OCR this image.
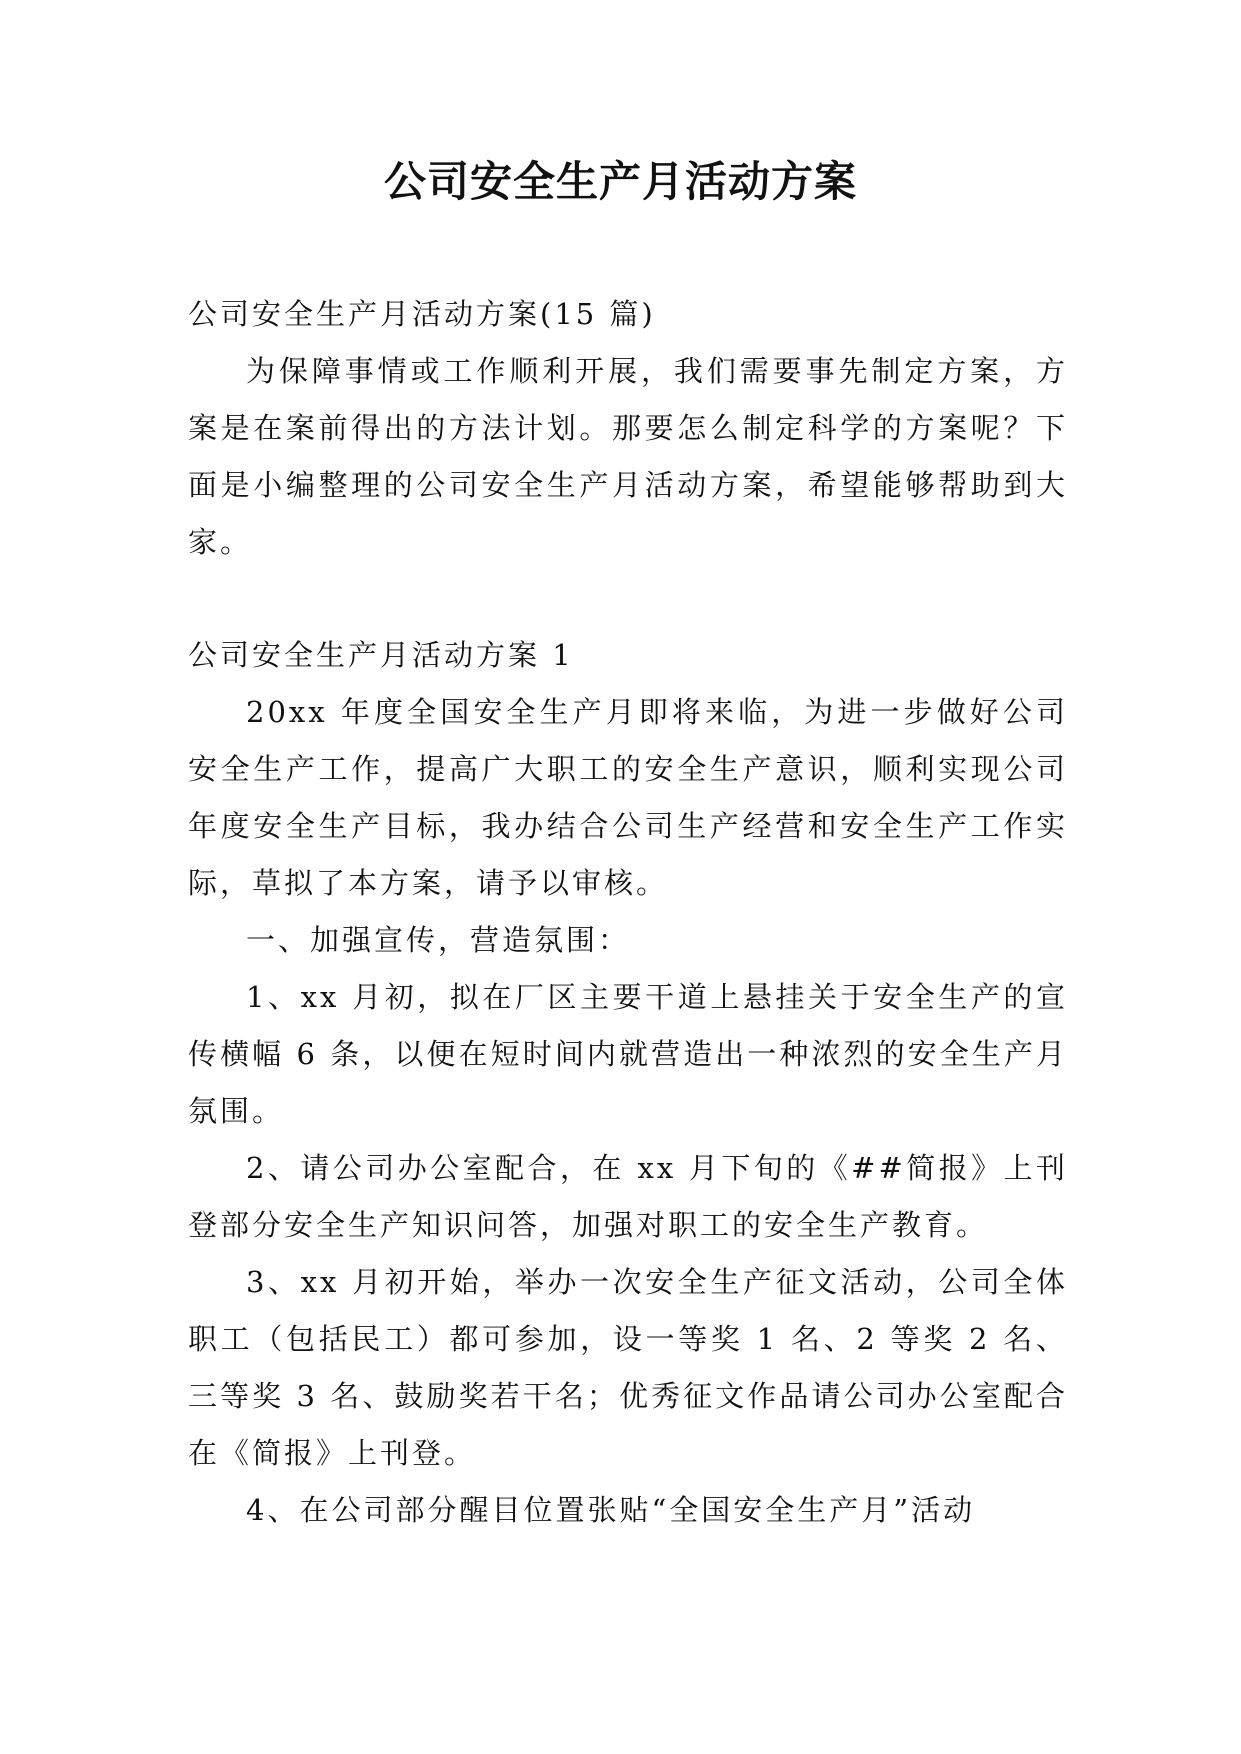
公司安全生产月活动方案

公司安全生产月活动方案(15 篇)

为保障事情或工作顺利开展，我们需要事先制定方案，方案是在案前得出的方法计划。那要怎么制定科学的方案呢？下面是小编整理的公司安全生产月活动方案，希望能够帮助到大家。

公司安全生产月活动方案 1

20xx 年度全国安全生产月即将来临，为进一步做好公司安全生产工作，提高广大职工的安全生产意识，顺利实现公司年度安全生产目标，我办结合公司生产经营和安全生产工作实际，草拟了本方案，请予以审核。

一、加强宣传，营造氛围：

1、xx 月初，拟在厂区主要干道上悬挂关于安全生产的宣传横幅 6 条，以便在短时间内就营造出一种浓烈的安全生产月氛围。

2、请公司办公室配合，在 xx 月下旬的《##简报》上刊登部分安全生产知识问答，加强对职工的安全生产教育。

3、xx 月初开始，举办一次安全生产征文活动，公司全体职工（包括民工）都可参加，设一等奖 1 名、2 等奖 2 名、三等奖 3 名、鼓励奖若干名；优秀征文作品请公司办公室配合在《简报》上刊登。

4、在公司部分醒目位置张贴“全国安全生产月”活动
